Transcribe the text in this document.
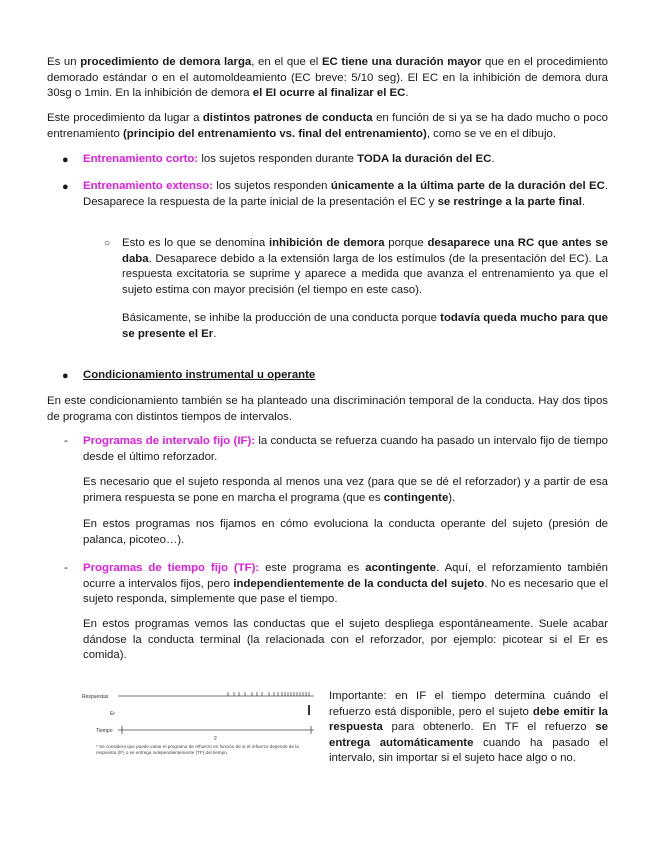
Es un procedimiento de demora larga, en el que el EC tiene una duración mayor que en el procedimiento demorado estándar o en el automoldeamiento (EC breve: 5/10 seg). El EC en la inhibición de demora dura 30sg o 1min. En la inhibición de demora el EI ocurre al finalizar el EC.

Este procedimiento da lugar a distintos patrones de conducta en función de si ya se ha dado mucho o poco entrenamiento (principio del entrenamiento vs. final del entrenamiento), como se ve en el dibujo.

● Entrenamiento corto: los sujetos responden durante TODA la duración del EC.

● Entrenamiento extenso: los sujetos responden únicamente a la última parte de la duración del EC. Desaparece la respuesta de la parte inicial de la presentación el EC y se restringe a la parte final.

○ Esto es lo que se denomina inhibición de demora porque desaparece una RC que antes se daba. Desaparece debido a la extensión larga de los estímulos (de la presentación del EC). La respuesta excitatoria se suprime y aparece a medida que avanza el entrenamiento ya que el sujeto estima con mayor precisión (el tiempo en este caso).

Básicamente, se inhibe la producción de una conducta porque todavía queda mucho para que se presente el Er.

● Condicionamiento instrumental u operante

En este condicionamiento también se ha planteado una discriminación temporal de la conducta. Hay dos tipos de programa con distintos tiempos de intervalos.

- Programas de intervalo fijo (IF): la conducta se refuerza cuando ha pasado un intervalo fijo de tiempo desde el último reforzador.

Es necesario que el sujeto responda al menos una vez (para que se dé el reforzador) y a partir de esa primera respuesta se pone en marcha el programa (que es contingente).

En estos programas nos fijamos en cómo evoluciona la conducta operante del sujeto (presión de palanca, picoteo…).

- Programas de tiempo fijo (TF): este programa es acontingente. Aquí, el reforzamiento también ocurre a intervalos fijos, pero independientemente de la conducta del sujeto. No es necesario que el sujeto responda, simplemente que pase el tiempo.

En estos programas vemos las conductas que el sujeto despliega espontáneamente. Suele acabar dándose la conducta terminal (la relacionada con el reforzador, por ejemplo: picotear si el Er es comida).

Respuestas
Er
Tiempo
2
* Se considera que puede variar el programa de refuerzo en función de si el refuerzo depende de la respuesta (IF) o se entrega independientemente (TF) del tiempo.

Importante: en IF el tiempo determina cuándo el refuerzo está disponible, pero el sujeto debe emitir la respuesta para obtenerlo. En TF el refuerzo se entrega automáticamente cuando ha pasado el intervalo, sin importar si el sujeto hace algo o no.
